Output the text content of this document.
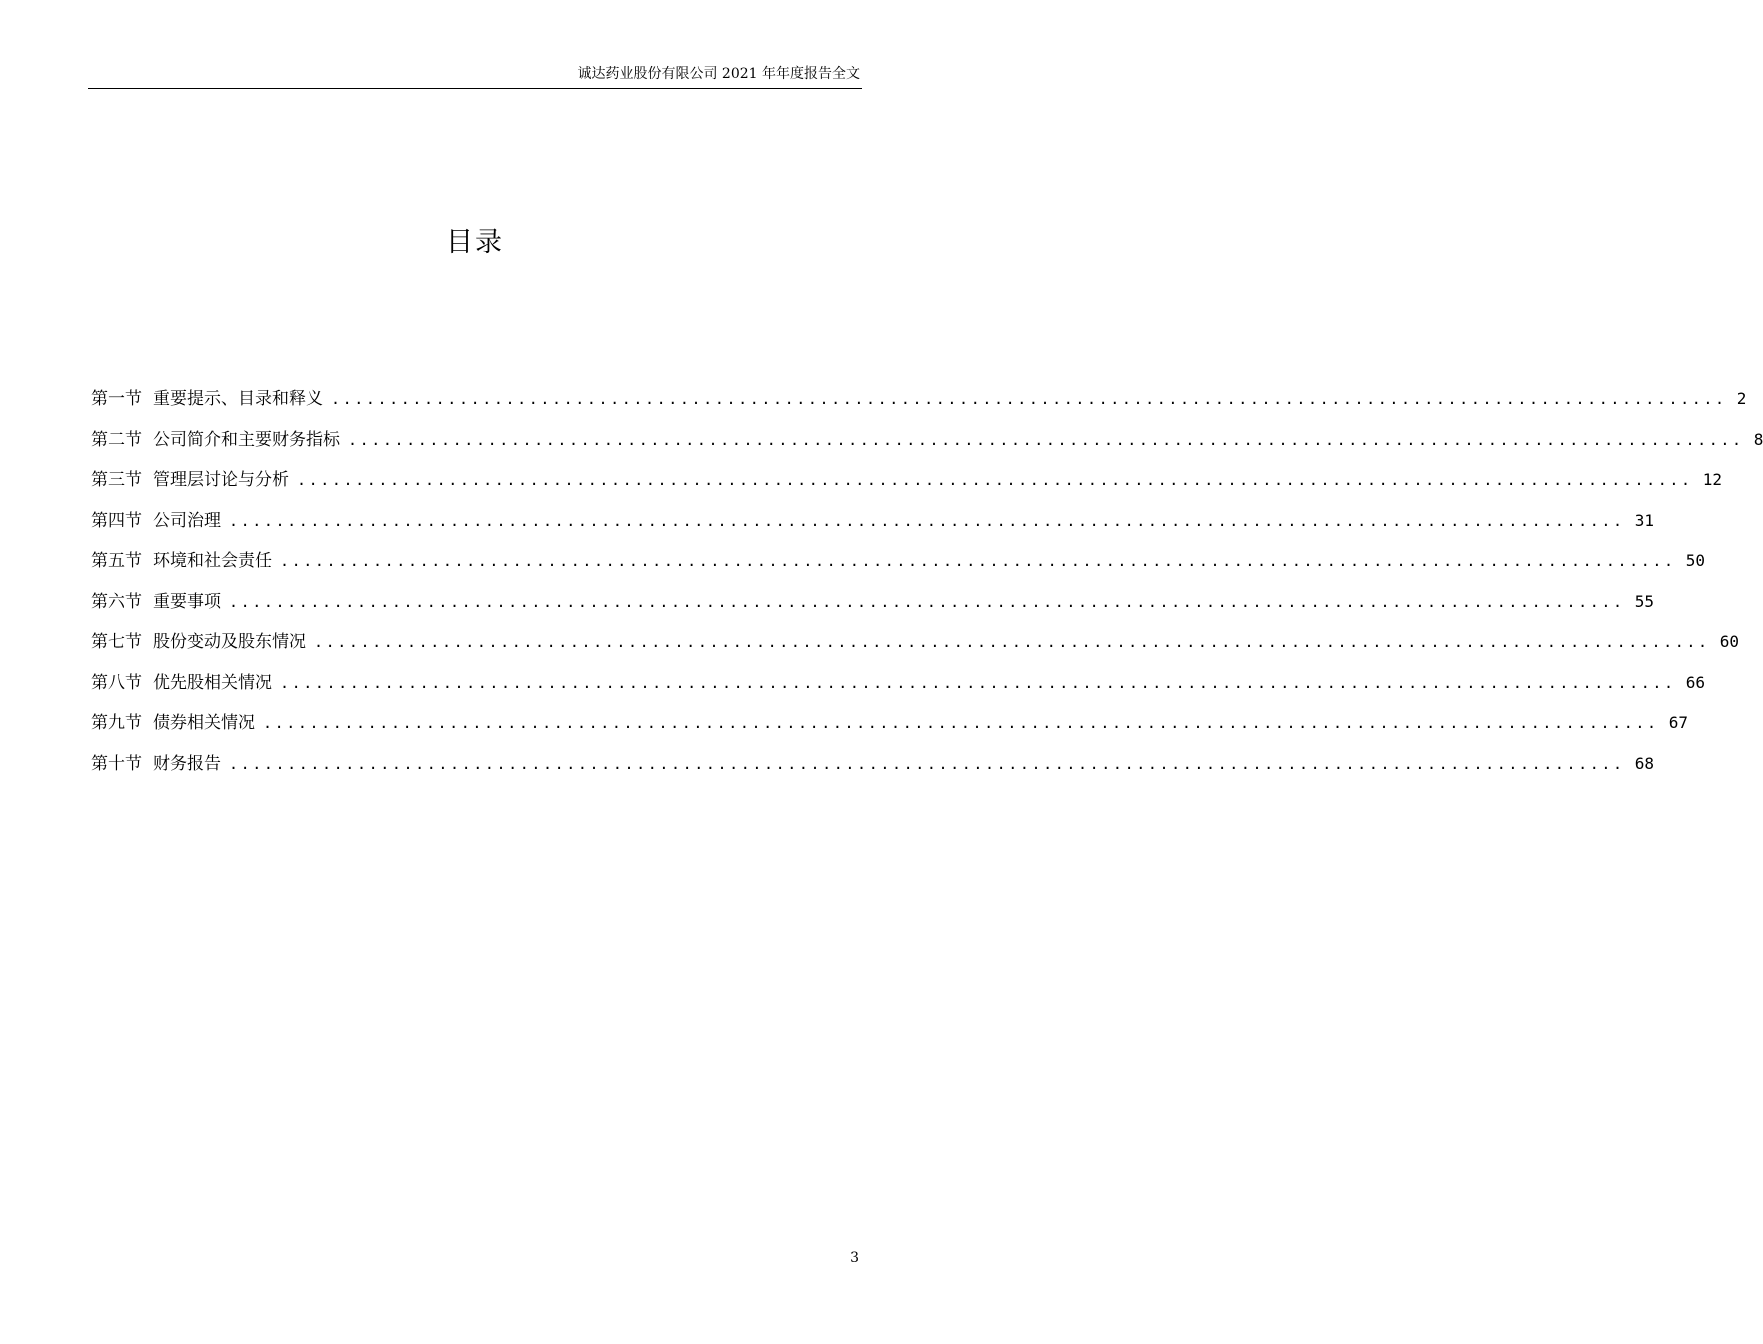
诚达药业股份有限公司 2021 年年度报告全文
目录
第一节 重要提示、目录和释义 ........................................................................................................................ 2
第二节 公司简介和主要财务指标 ........................................................................................................................ 8
第三节 管理层讨论与分析 ........................................................................................................................ 12
第四节 公司治理 ........................................................................................................................ 31
第五节 环境和社会责任 ........................................................................................................................ 50
第六节 重要事项 ........................................................................................................................ 55
第七节 股份变动及股东情况 ........................................................................................................................ 60
第八节 优先股相关情况 ........................................................................................................................ 66
第九节 债券相关情况 ........................................................................................................................ 67
第十节 财务报告 ........................................................................................................................ 68
3
